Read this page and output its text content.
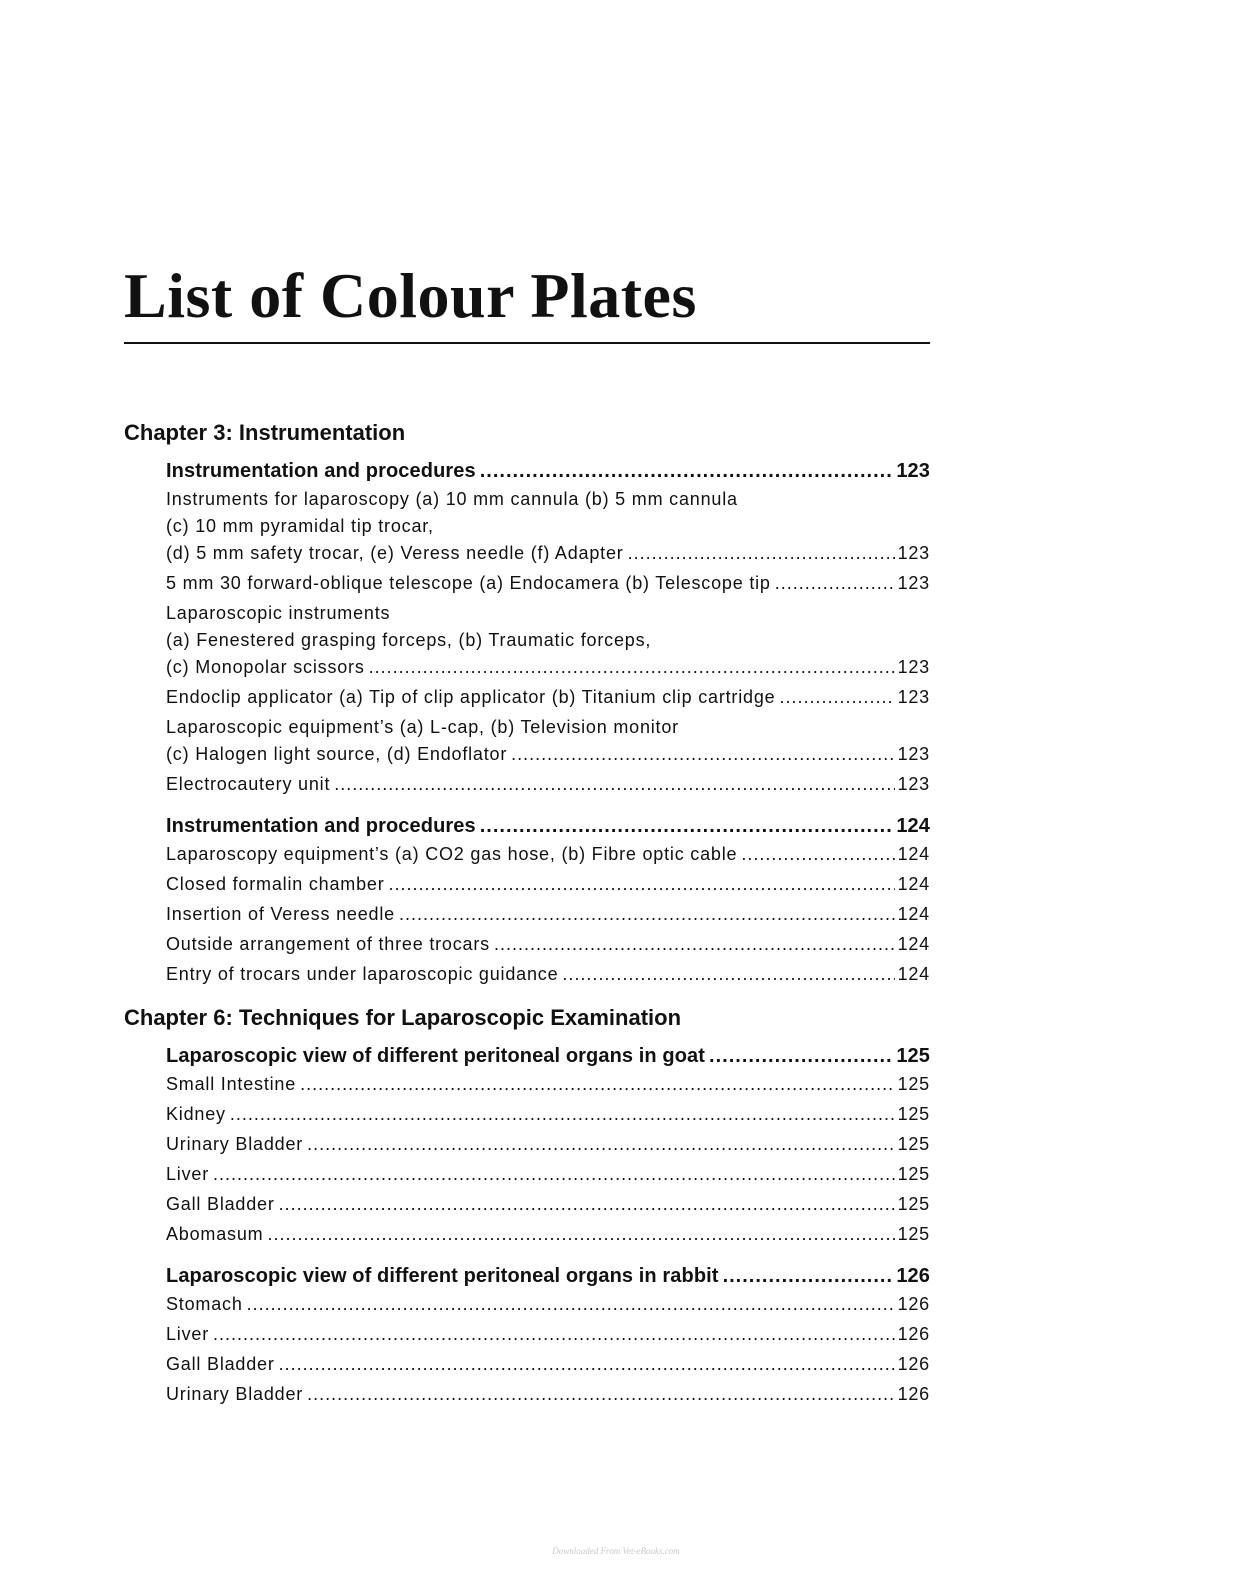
List of Colour Plates
Chapter 3: Instrumentation
Instrumentation and procedures .....	123
Instruments for laparoscopy (a) 10 mm cannula (b) 5 mm cannula
(c) 10 mm pyramidal tip trocar,
(d) 5 mm safety trocar, (e) Veress needle (f) Adapter .....	123
5 mm 30 forward-oblique telescope (a) Endocamera (b) Telescope tip .....	123
Laparoscopic instruments
(a) Fenestered grasping forceps, (b) Traumatic forceps,
(c) Monopolar scissors .....	123
Endoclip applicator (a) Tip of clip applicator (b) Titanium clip cartridge .....	123
Laparoscopic equipment’s (a) L-cap, (b) Television monitor
(c) Halogen light source, (d) Endoflator .....	123
Electrocautery unit .....	123
Instrumentation and procedures .....	124
Laparoscopy equipment’s (a) CO2 gas hose, (b) Fibre optic cable .....	124
Closed formalin chamber .....	124
Insertion of Veress needle .....	124
Outside arrangement of three trocars .....	124
Entry of trocars under laparoscopic guidance .....	124
Chapter 6: Techniques for Laparoscopic Examination
Laparoscopic view of different peritoneal organs in goat .....	125
Small Intestine .....	125
Kidney .....	125
Urinary Bladder .....	125
Liver .....	125
Gall Bladder .....	125
Abomasum .....	125
Laparoscopic view of different peritoneal organs in rabbit .....	126
Stomach .....	126
Liver .....	126
Gall Bladder .....	126
Urinary Bladder .....	126
Downloaded From Vet-eBooks.com
